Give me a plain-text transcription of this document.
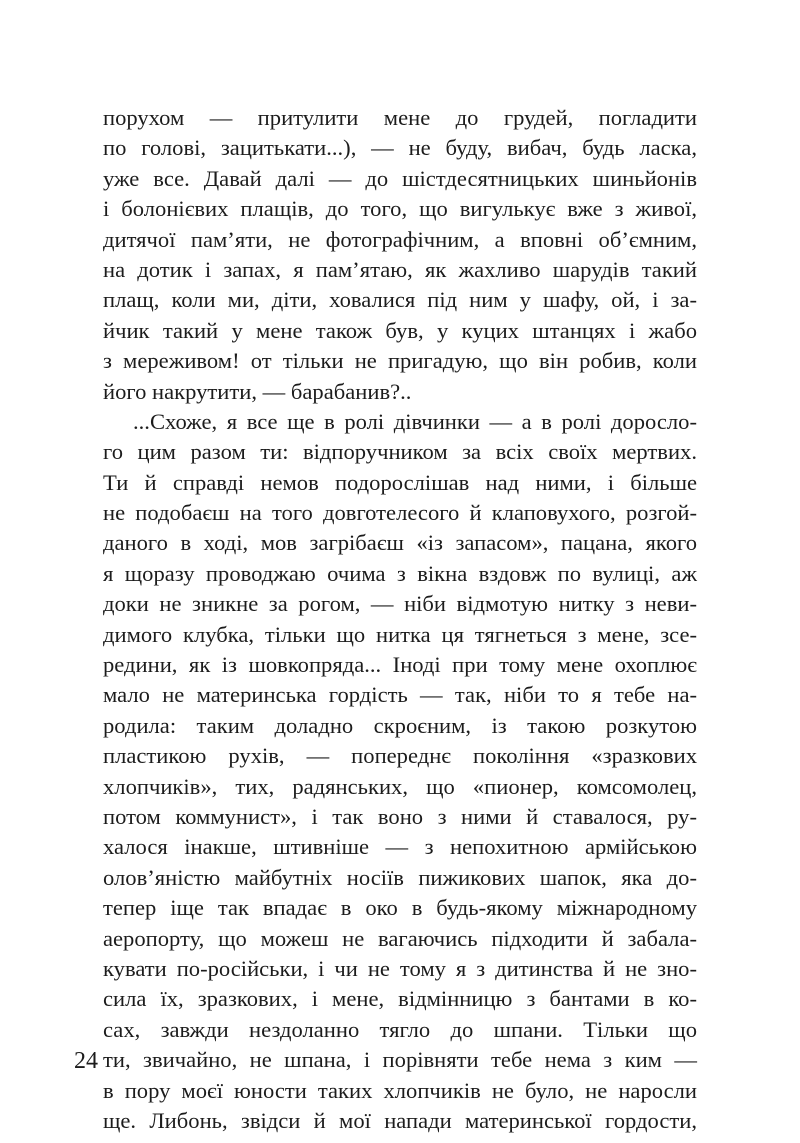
порухом — притулити мене до грудей, погладити
по голові, зацитькати...), — не буду, вибач, будь ласка,
уже все. Давай далі — до шістдесятницьких шиньйонів
і болонієвих плащів, до того, що вигулькує вже з живої,
дитячої пам’яти, не фотографічним, а вповні об’ємним,
на дотик і запах, я пам’ятаю, як жахливо шарудів такий
плащ, коли ми, діти, ховалися під ним у шафу, ой, і за-
йчик такий у мене також був, у куцих штанцях і жабо
з мереживом! от тільки не пригадую, що він робив, коли
його накрутити, — барабанив?..
...Схоже, я все ще в ролі дівчинки — а в ролі доросло-
го цим разом ти: відпоручником за всіх своїх мертвих.
Ти й справді немов подорослішав над ними, і більше
не подобаєш на того довготелесого й клаповухого, розгой-
даного в ході, мов загрібаєш «із запасом», пацана, якого
я щоразу проводжаю очима з вікна вздовж по вулиці, аж
доки не зникне за рогом, — ніби відмотую нитку з неви-
димого клубка, тільки що нитка ця тягнеться з мене, зсе-
редини, як із шовкопряда... Іноді при тому мене охоплює
мало не материнська гордість — так, ніби то я тебе на-
родила: таким доладно скроєним, із такою розкутою
пластикою рухів, — попереднє покоління «зразкових
хлопчиків», тих, радянських, що «пионер, комсомолец,
потом коммунист», і так воно з ними й ставалося, ру-
халося інакше, штивніше — з непохитною армійською
олов’яністю майбутніх носіїв пижикових шапок, яка до-
тепер іще так впадає в око в будь-якому міжнародному
аеропорту, що можеш не вагаючись підходити й забала-
кувати по-російськи, і чи не тому я з дитинства й не зно-
сила їх, зразкових, і мене, відмінницю з бантами в ко-
сах, завжди нездоланно тягло до шпани. Тільки що
ти, звичайно, не шпана, і порівняти тебе нема з ким —
в пору моєї юности таких хлопчиків не було, не наросли
ще. Либонь, звідси й мої напади материнської гордости,
24
